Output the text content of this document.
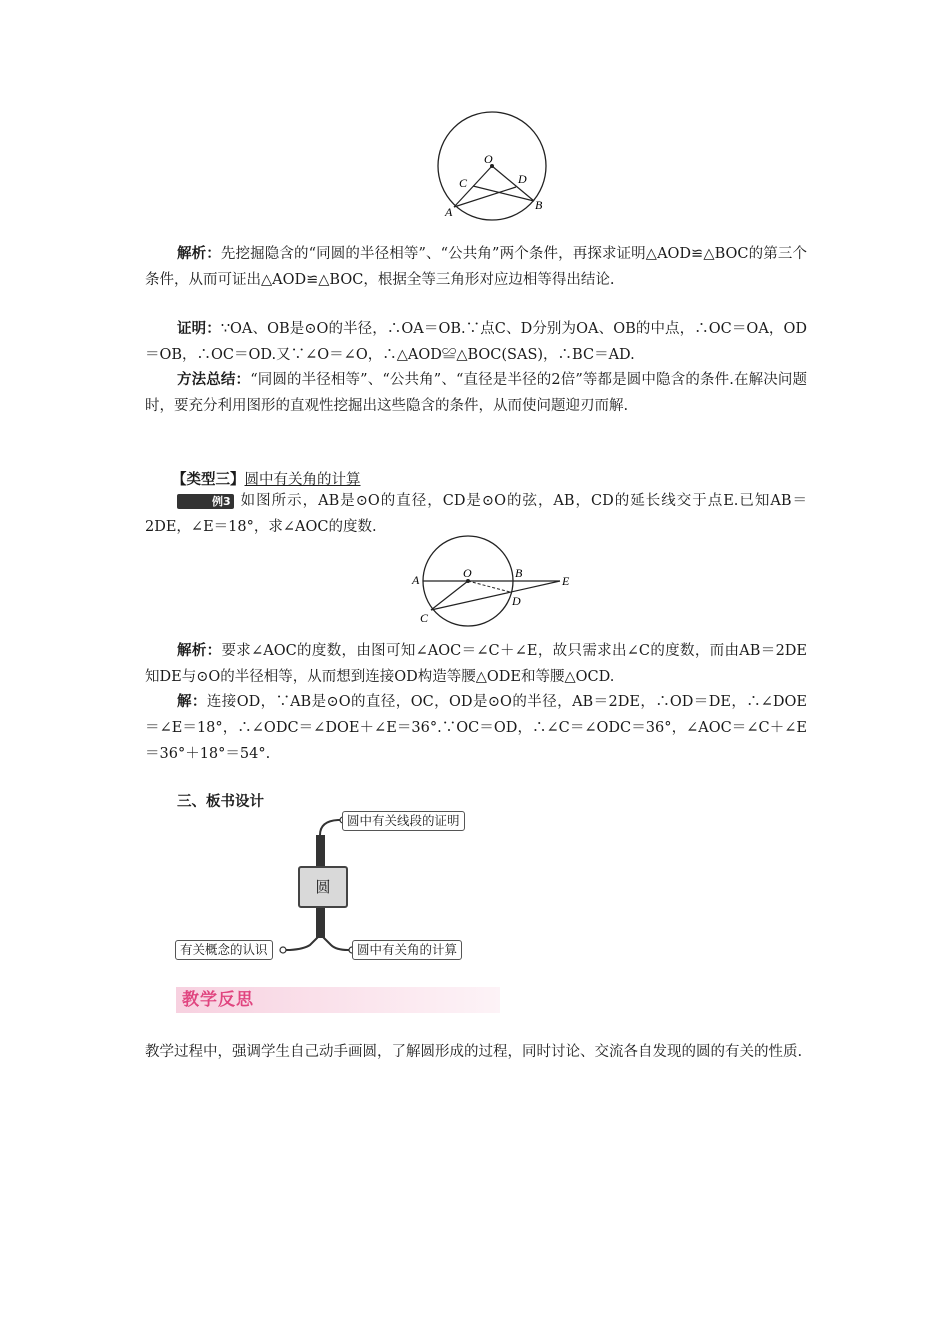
O
C	D
A	B
解析：先挖掘隐含的“同圆的半径相等”、“公共角”两个条件，再探求证明△AOD≌△BOC的第三个条件，从而可证出△AOD≌△BOC，根据全等三角形对应边相等得出结论.
证明：∵OA、OB是⊙O的半径，∴OA＝OB.∵点C、D分别为OA、OB的中点，∴OC＝OA，OD＝OB，∴OC＝OD.又∵∠O＝∠O，∴△AOD≌△BOC(SAS)，∴BC＝AD.
方法总结：“同圆的半径相等”、“公共角”、“直径是半径的2倍”等都是圆中隐含的条件.在解决问题时，要充分利用图形的直观性挖掘出这些隐含的条件，从而使问题迎刃而解.
【类型三】圆中有关角的计算
例3 如图所示，AB是⊙O的直径，CD是⊙O的弦，AB，CD的延长线交于点E.已知AB＝2DE，∠E＝18°，求∠AOC的度数.
A	O	B
E
D
C
解析：要求∠AOC的度数，由图可知∠AOC＝∠C＋∠E，故只需求出∠C的度数，而由AB＝2DE知DE与⊙O的半径相等，从而想到连接OD构造等腰△ODE和等腰△OCD.
解：连接OD，∵AB是⊙O的直径，OC，OD是⊙O的半径，AB＝2DE，∴OD＝DE，∴∠DOE＝∠E＝18°，∴∠ODC＝∠DOE＋∠E＝36°.∵OC＝OD，∴∠C＝∠ODC＝36°，∠AOC＝∠C＋∠E＝36°＋18°＝54°.
三、板书设计
圆
圆中有关线段的证明
有关概念的认识	圆中有关角的计算
教学反思
教学过程中，强调学生自己动手画圆，了解圆形成的过程，同时讨论、交流各自发现的圆的有关的性质.
